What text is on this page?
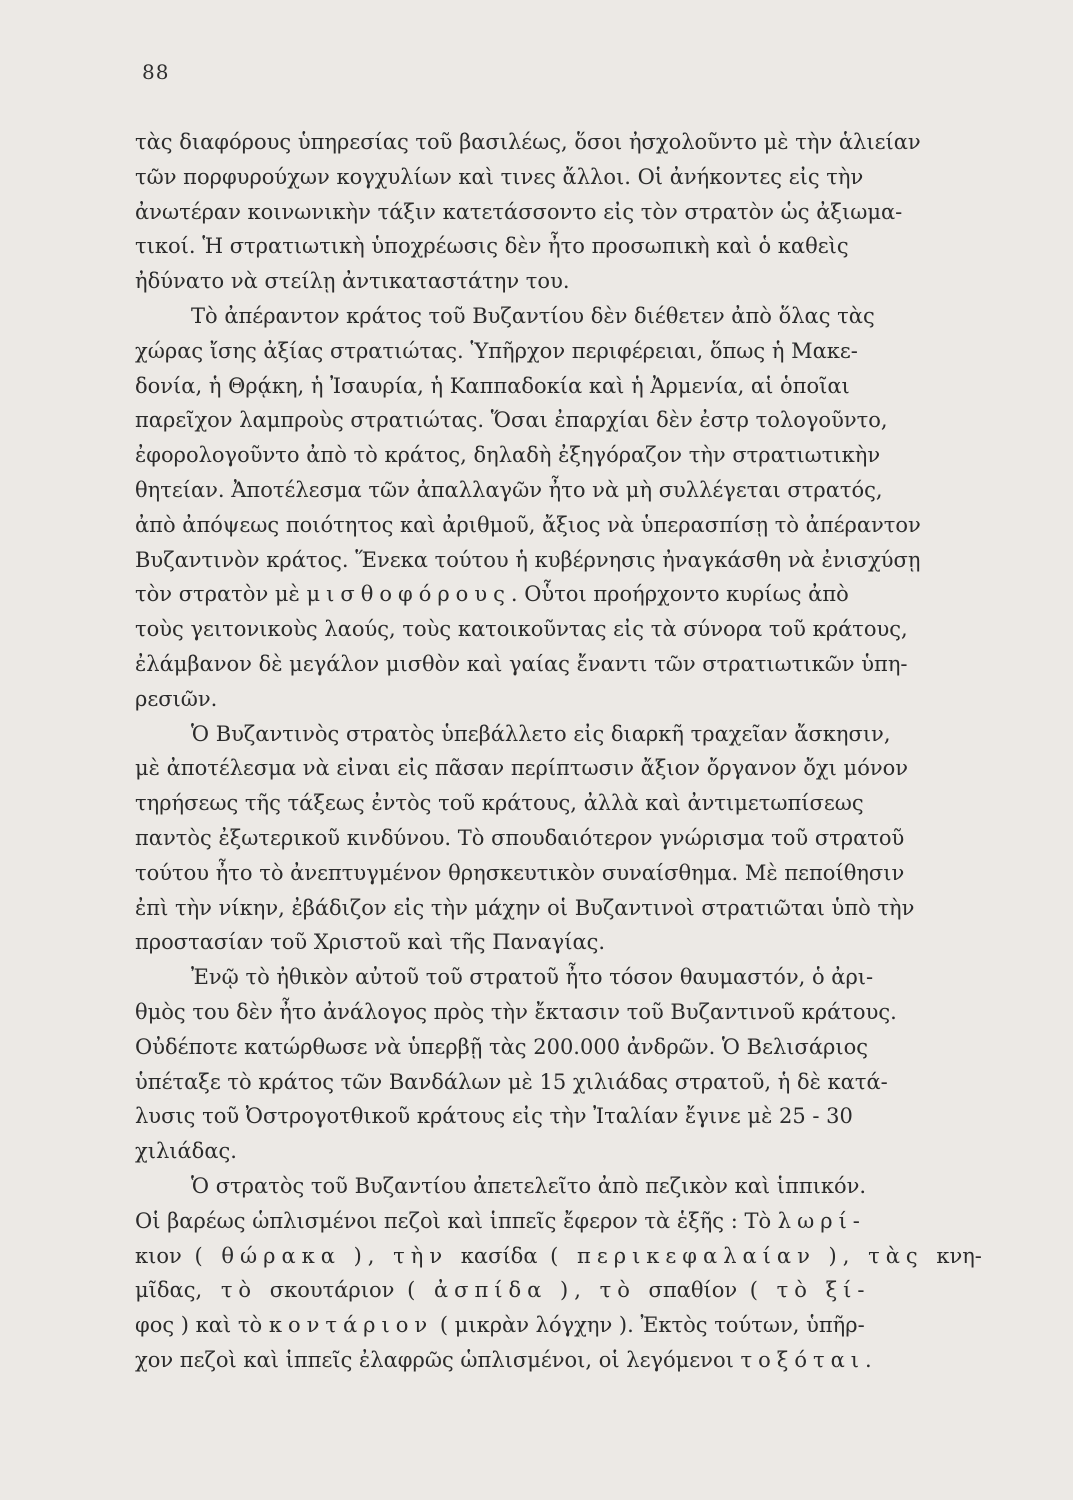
88
τὰς διαφόρους ὑπηρεσίας τοῦ βασιλέως, ὅσοι ἠσχολοῦντο μὲ τὴν ἁλιείαν
τῶν πορφυρούχων κογχυλίων καὶ τινες ἄλλοι. Οἱ ἀνήκοντες εἰς τὴν
ἀνωτέραν κοινωνικὴν τάξιν κατετάσσοντο εἰς τὸν στρατὸν ὡς ἀξιωμα-
τικοί. Ἡ στρατιωτικὴ ὑποχρέωσις δὲν ἦτο προσωπικὴ καὶ ὁ καθεὶς
ἠδύνατο νὰ στείλῃ ἀντικαταστάτην του.
Τὸ ἀπέραντον κράτος τοῦ Βυζαντίου δὲν διέθετεν ἀπὸ ὅλας τὰς
χώρας ἴσης ἀξίας στρατιώτας. Ὑπῆρχον περιφέρειαι, ὅπως ἡ Μακε-
δονία, ἡ Θρᾴκη, ἡ Ἰσαυρία, ἡ Καππαδοκία καὶ ἡ Ἀρμενία, αἱ ὁποῖαι
παρεῖχον λαμπροὺς στρατιώτας. Ὅσαι ἐπαρχίαι δὲν ἐστρ τολογοῦντο,
ἐφορολογοῦντο ἀπὸ τὸ κράτος, δηλαδὴ ἐξηγόραζον τὴν στρατιωτικὴν
θητείαν. Ἀποτέλεσμα τῶν ἀπαλλαγῶν ἦτο νὰ μὴ συλλέγεται στρατός,
ἀπὸ ἀπόψεως ποιότητος καὶ ἀριθμοῦ, ἄξιος νὰ ὑπερασπίσῃ τὸ ἀπέραντον
Βυζαντινὸν κράτος. Ἕνεκα τούτου ἡ κυβέρνησις ἠναγκάσθη νὰ ἐνισχύσῃ
τὸν στρατὸν μὲ μισθοφόρους. Οὗτοι προήρχοντο κυρίως ἀπὸ
τοὺς γειτονικοὺς λαούς, τοὺς κατοικοῦντας εἰς τὰ σύνορα τοῦ κράτους,
ἐλάμβανον δὲ μεγάλον μισθὸν καὶ γαίας ἔναντι τῶν στρατιωτικῶν ὑπη-
ρεσιῶν.
Ὁ Βυζαντινὸς στρατὸς ὑπεβάλλετο εἰς διαρκῆ τραχεῖαν ἄσκησιν,
μὲ ἀποτέλεσμα νὰ εἰναι εἰς πᾶσαν περίπτωσιν ἄξιον ὄργανον ὄχι μόνον
τηρήσεως τῆς τάξεως ἐντὸς τοῦ κράτους, ἀλλὰ καὶ ἀντιμετωπίσεως
παντὸς ἐξωτερικοῦ κινδύνου. Τὸ σπουδαιότερον γνώρισμα τοῦ στρατοῦ
τούτου ἦτο τὸ ἀνεπτυγμένον θρησκευτικὸν συναίσθημα. Μὲ πεποίθησιν
ἐπὶ τὴν νίκην, ἐβάδιζον εἰς τὴν μάχην οἱ Βυζαντινοὶ στρατιῶται ὑπὸ τὴν
προστασίαν τοῦ Χριστοῦ καὶ τῆς Παναγίας.
Ἐνῷ τὸ ἠθικὸν αὐτοῦ τοῦ στρατοῦ ἦτο τόσον θαυμαστόν, ὁ ἀρι-
θμὸς του δὲν ἦτο ἀνάλογος πρὸς τὴν ἔκτασιν τοῦ Βυζαντινοῦ κράτους.
Οὐδέποτε κατώρθωσε νὰ ὑπερβῇ τὰς 200.000 ἀνδρῶν. Ὁ Βελισάριος
ὑπέταξε τὸ κράτος τῶν Βανδάλων μὲ 15 χιλιάδας στρατοῦ, ἡ δὲ κατά-
λυσις τοῦ Ὀστρογοτθικοῦ κράτους εἰς τὴν Ἰταλίαν ἔγινε μὲ 25 - 30
χιλιάδας.
Ὁ στρατὸς τοῦ Βυζαντίου ἀπετελεῖτο ἀπὸ πεζικὸν καὶ ἱππικόν.
Οἱ βαρέως ὡπλισμένοι πεζοὶ καὶ ἱππεῖς ἔφερον τὰ ἑξῆς : Τὸ λωρί-
κιον ( θώρακα ), τὴν κασίδα ( περικεφαλαίαν ), τὰς κνη-
μῖδας, τὸ σκουτάριον ( ἀσπίδα ), τὸ σπαθίον ( τὸ ξί-
φος ) καὶ τὸ κοντάριον ( μικρὰν λόγχην ). Ἐκτὸς τούτων, ὑπῆρ-
χον πεζοὶ καὶ ἱππεῖς ἐλαφρῶς ὡπλισμένοι, οἱ λεγόμενοι τοξόται.
